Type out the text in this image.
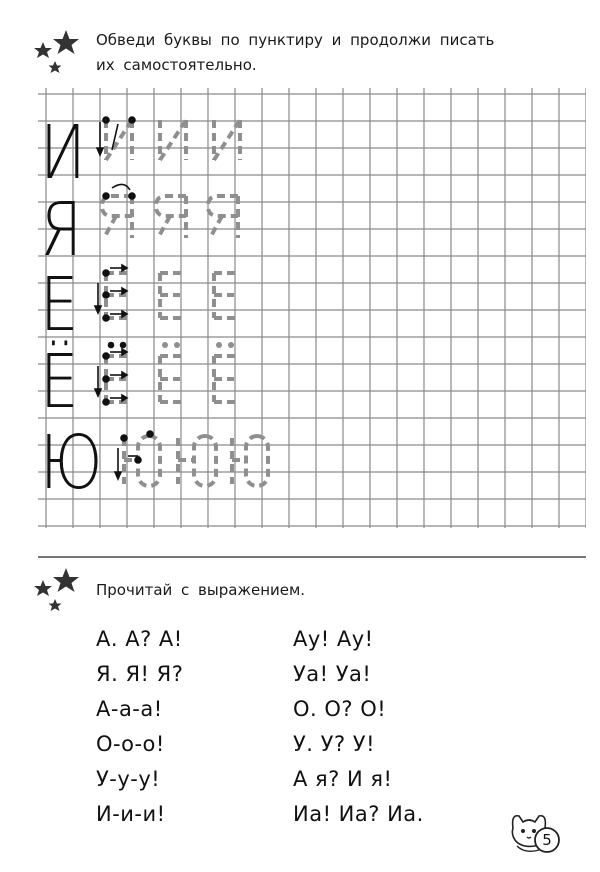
Обведи буквы по пунктиру и продолжи писать
их самостоятельно.
И
Я
Е
Ё
Ю
Прочитай с выражением.
А. А? А!
Я. Я! Я?
А-а-а!
О-о-о!
У-у-у!
И-и-и!
Ау! Ау!
Уа! Уа!
О. О? О!
У. У? У!
А я? И я!
Иа! Иа? Иа.
5
